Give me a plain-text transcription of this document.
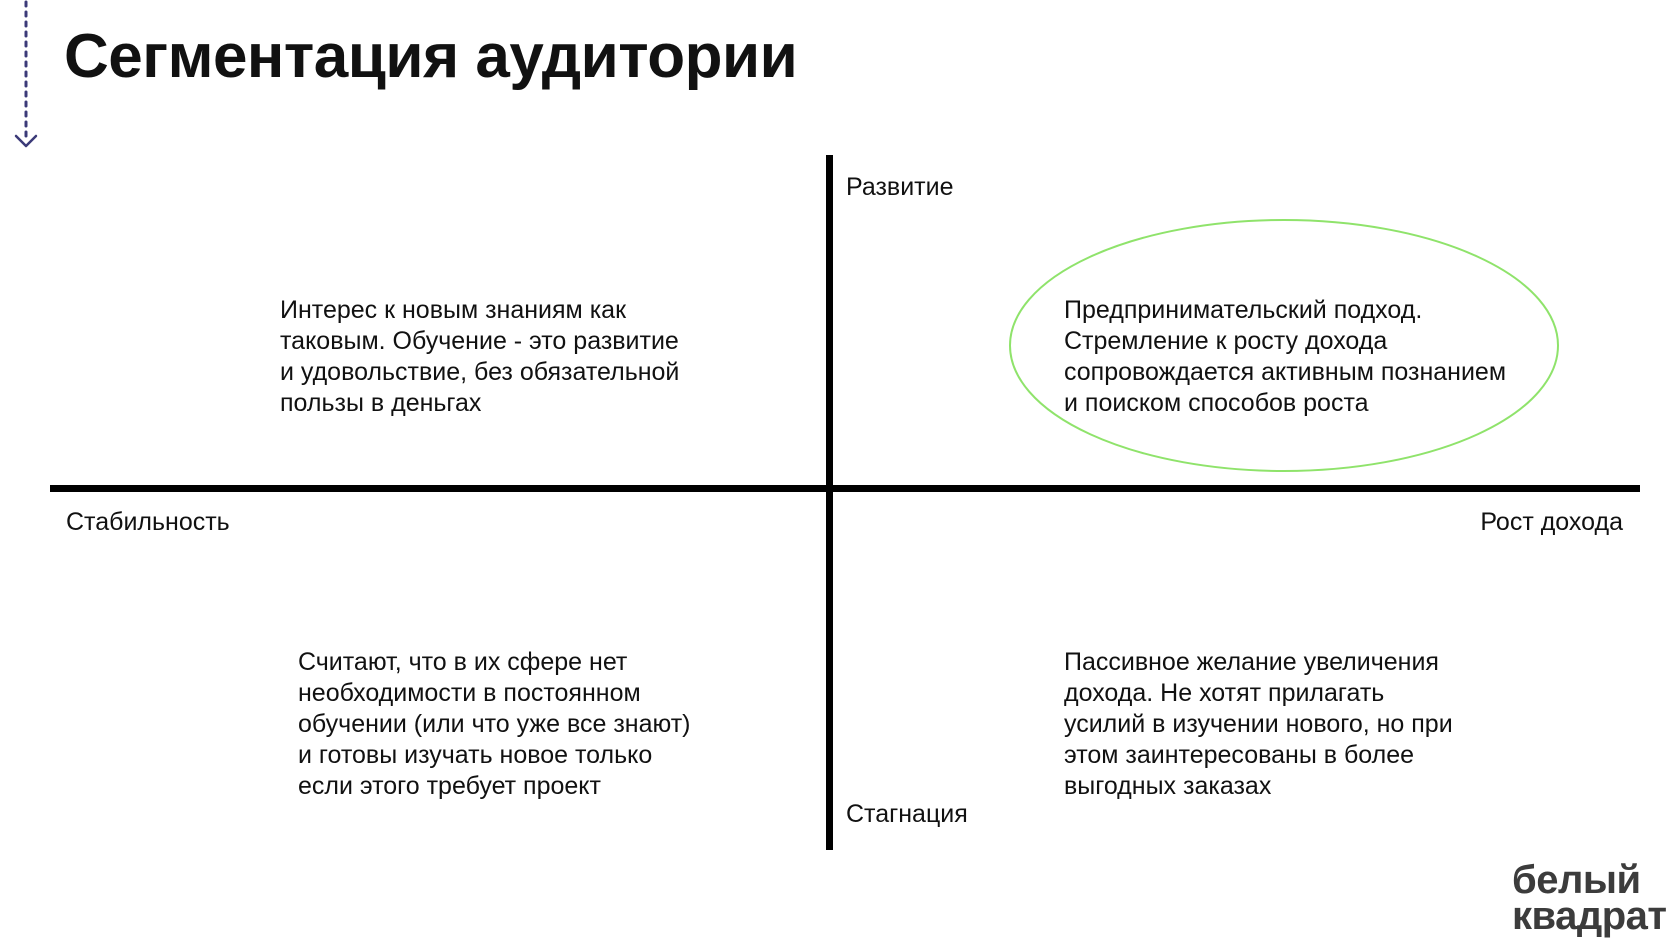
Сегментация аудитории
Развитие
Стагнация
Стабильность	Рост дохода
Интерес к новым знаниям как
таковым. Обучение - это развитие
и удовольствие, без обязательной
пользы в деньгах
Предпринимательский подход.
Стремление к росту дохода
сопровождается активным познанием
и поиском способов роста
Считают, что в их сфере нет
необходимости в постоянном
обучении (или что уже все знают)
и готовы изучать новое только
если этого требует проект
Пассивное желание увеличения
дохода. Не хотят прилагать
усилий в изучении нового, но при
этом заинтересованы в более
выгодных заказах
белый
квадрат
